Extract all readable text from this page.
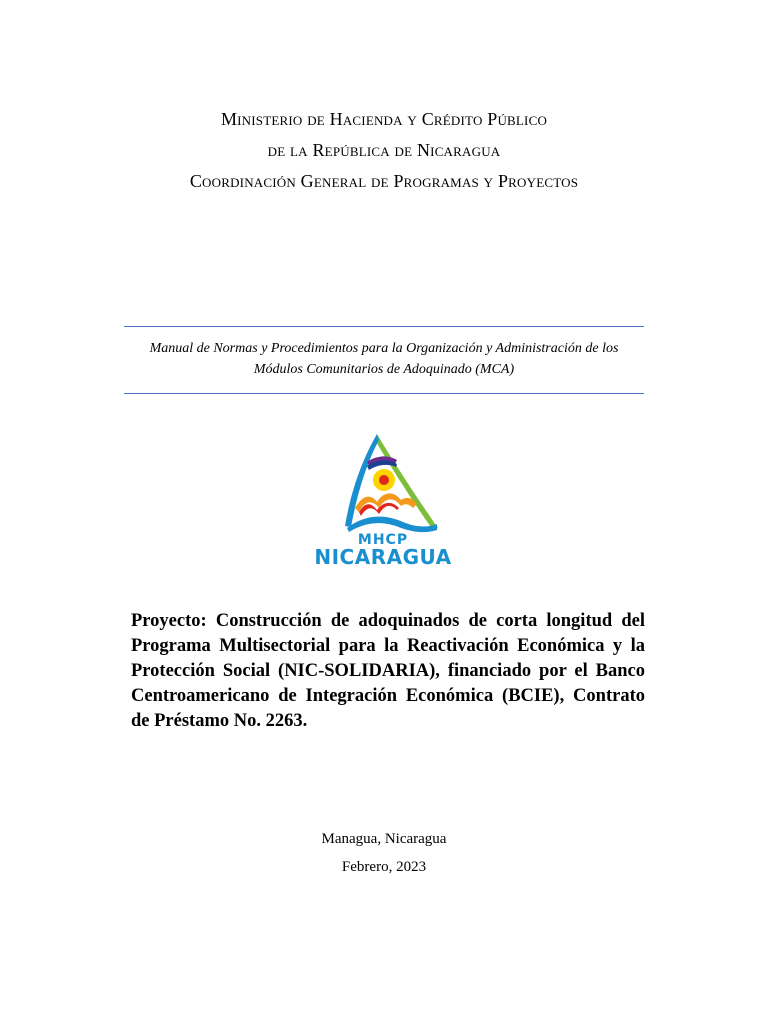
Ministerio de Hacienda y Crédito Público
de la República de Nicaragua
Coordinación General de Programas y Proyectos
Manual de Normas y Procedimientos para la Organización y Administración de los Módulos Comunitarios de Adoquinado (MCA)
MHCP
NICARAGUA
Proyecto: Construcción de adoquinados de corta longitud del Programa Multisectorial para la Reactivación Económica y la Protección Social (NIC-SOLIDARIA), financiado por el Banco Centroamericano de Integración Económica (BCIE), Contrato de Préstamo No. 2263.
Managua, Nicaragua
Febrero, 2023
